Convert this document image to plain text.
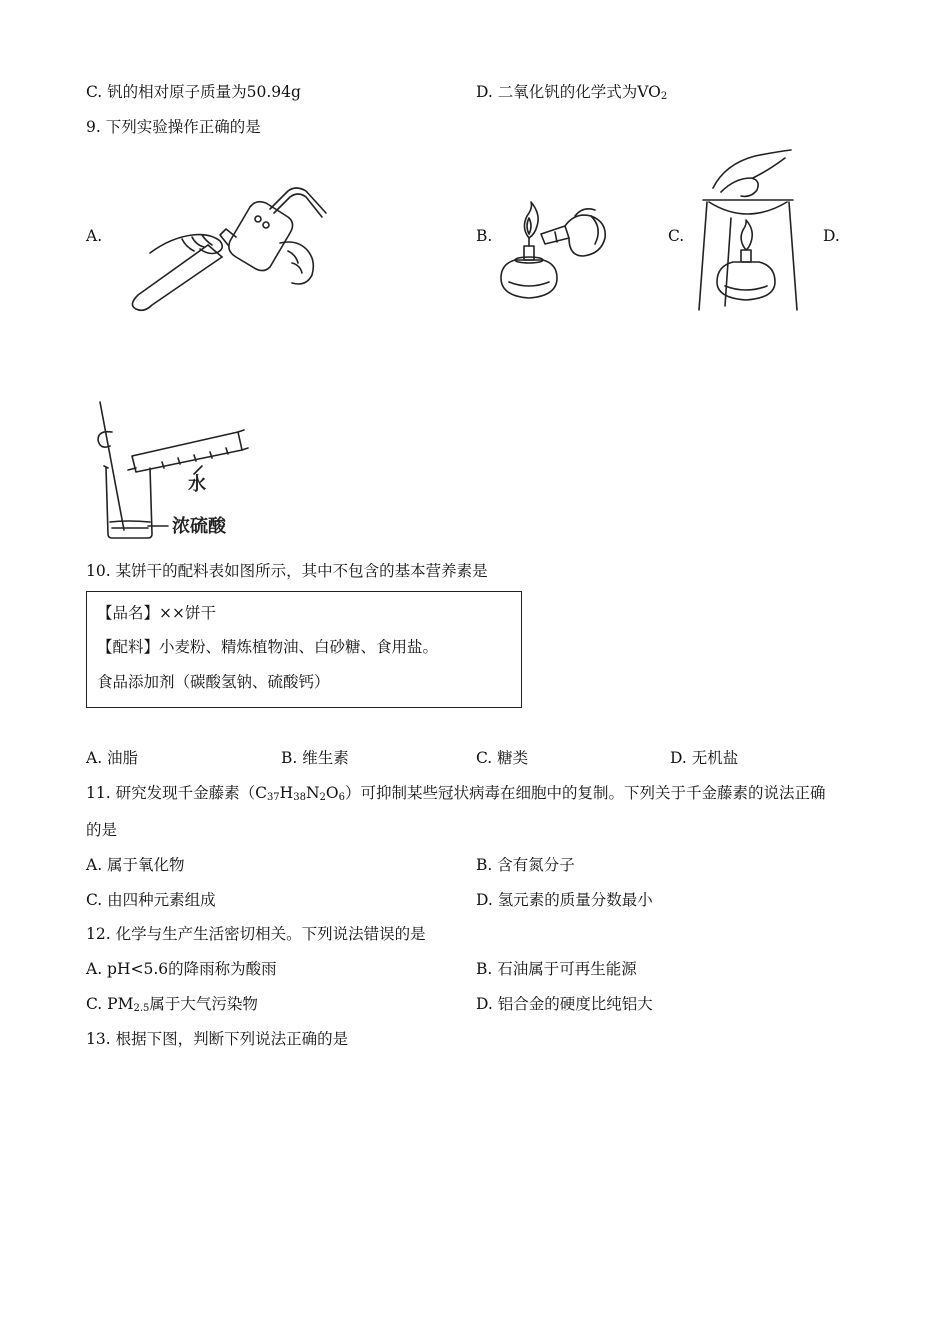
C. 钒的相对原子质量为50.94g	D. 二氧化钒的化学式为$VO_2$
9. 下列实验操作正确的是
A.	B.	C.	D.
水
浓硫酸
10. 某饼干的配料表如图所示，其中不包含的基本营养素是
【品名】××饼干
【配料】小麦粉、精炼植物油、白砂糖、食用盐。
食品添加剂（碳酸氢钠、硫酸钙）
A. 油脂	B. 维生素	C. 糖类	D. 无机盐
11. 研究发现千金藤素$(C_{37}H_{38}N_2O_6)$可抑制某些冠状病毒在细胞中的复制。下列关于千金藤素的说法正确
的是
A. 属于氧化物	B. 含有氮分子
C. 由四种元素组成	D. 氢元素的质量分数最小
12. 化学与生产生活密切相关。下列说法错误的是
A. pH<5.6的降雨称为酸雨	B. 石油属于可再生能源
C. $PM_{2.5}$属于大气污染物	D. 铝合金的硬度比纯铝大
13. 根据下图，判断下列说法正确的是
